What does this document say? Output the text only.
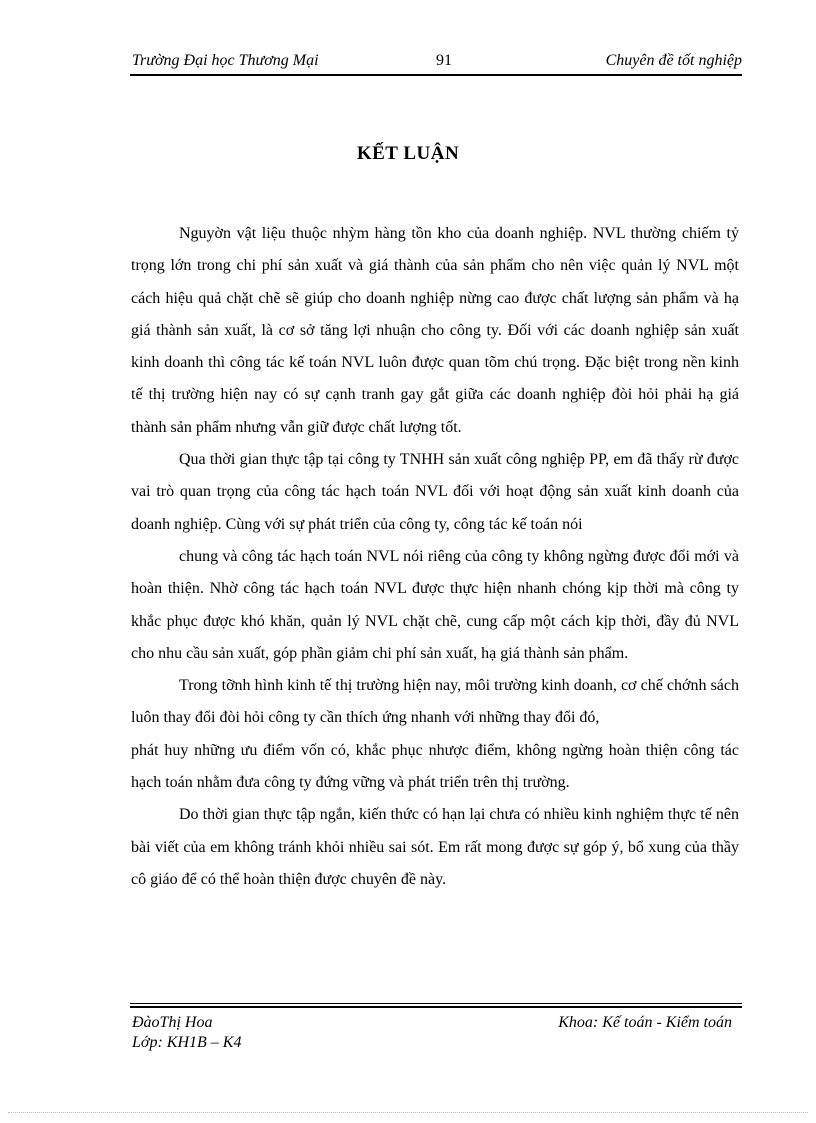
Trường Đại học Thương Mại	91	Chuyên đề tốt nghiệp
KẾT LUẬN

Nguyờn vật liệu thuộc nhỳm hàng tồn kho của doanh nghiệp. NVL thường chiếm tỷ trọng lớn trong chi phí sản xuất và giá thành của sản phẩm cho nên việc quản lý NVL một cách hiệu quả chặt chẽ sẽ giúp cho doanh nghiệp nừng cao được chất lượng sản phẩm và hạ giá thành sản xuất, là cơ sở tăng lợi nhuận cho công ty. Đối với các doanh nghiệp sản xuất kinh doanh thì công tác kế toán NVL luôn được quan tõm chú trọng. Đặc biệt trong nền kinh tế thị trường hiện nay có sự cạnh tranh gay gắt giữa các doanh nghiệp đòi hỏi phải hạ giá thành sản phẩm nhưng vẫn giữ được chất lượng tốt.

Qua thời gian thực tập tại công ty TNHH sản xuất công nghiệp PP, em đã thấy rừ được vai trò quan trọng của công tác hạch toán NVL đối với hoạt động sản xuất kinh doanh của doanh nghiệp. Cùng với sự phát triển của công ty, công tác kế toán nói

chung và công tác hạch toán NVL nói riêng của công ty không ngừng được đổi mới và hoàn thiện. Nhờ công tác hạch toán NVL được thực hiện nhanh chóng kịp thời mà công ty khắc phục được khó khăn, quản lý NVL chặt chẽ, cung cấp một cách kịp thời, đầy đủ NVL cho nhu cầu sản xuất, góp phần giảm chi phí sản xuất, hạ giá thành sản phẩm.

Trong tỡnh hình kinh tế thị trường hiện nay, môi trường kinh doanh, cơ chế chớnh sách luôn thay đổi đòi hỏi công ty cần thích ứng nhanh với những thay đổi đó,

phát huy những ưu điểm vốn có, khắc phục nhược điểm, không ngừng hoàn thiện công tác hạch toán nhằm đưa công ty đứng vững và phát triển trên thị trường.

Do thời gian thực tập ngắn, kiến thức có hạn lại chưa có nhiều kinh nghiệm thực tế nên bài viết của em không tránh khỏi nhiều sai sót. Em rất mong được sự góp ý, bổ xung của thầy cô giáo để có thể hoàn thiện được chuyên đề này.

ĐàoThị Hoa
Lớp: KH1B – K4
Khoa: Kế toán - Kiểm toán
